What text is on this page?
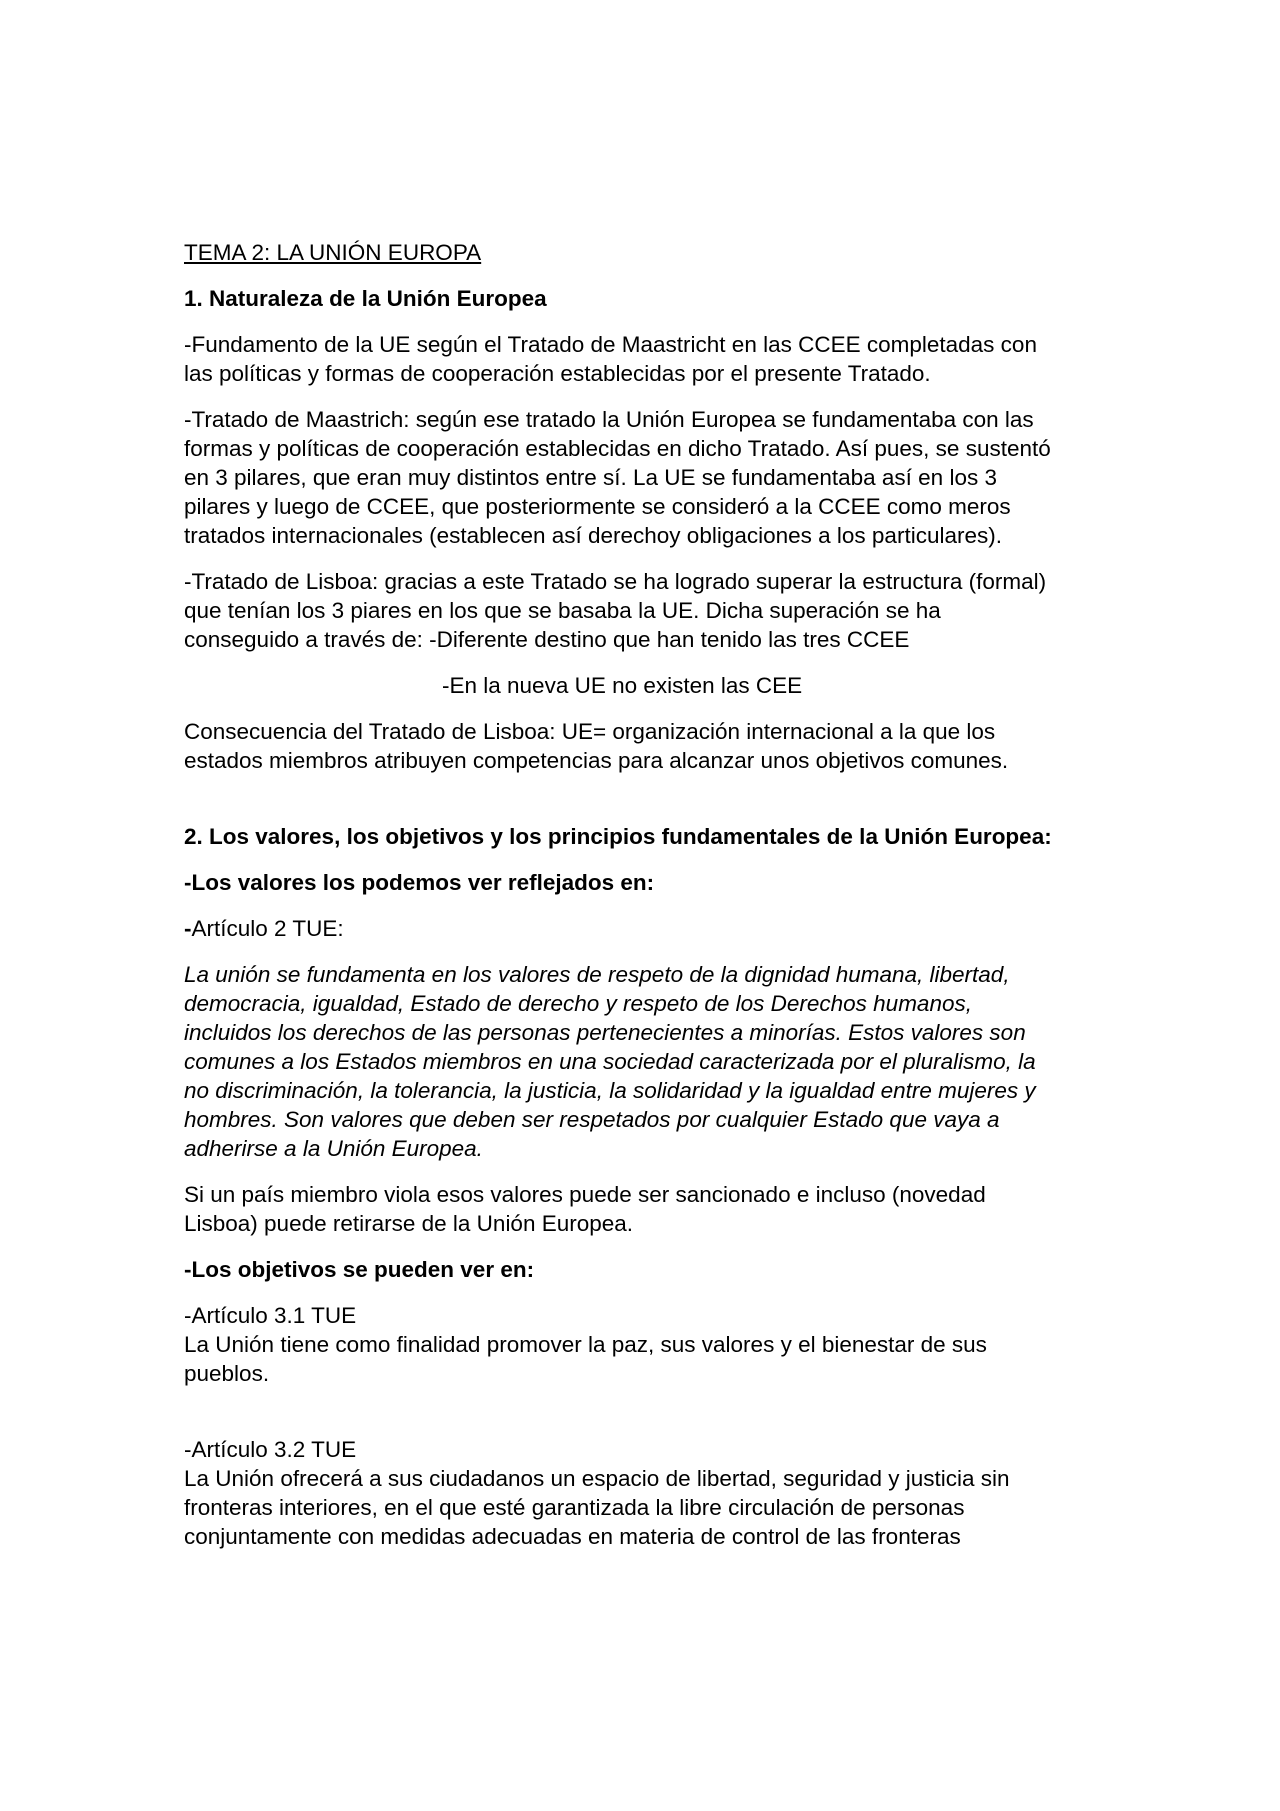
TEMA 2: LA UNIÓN EUROPA
1. Naturaleza de la Unión Europea
-Fundamento de la UE según el Tratado de Maastricht en las CCEE completadas con
las políticas y formas de cooperación establecidas por el presente Tratado.
-Tratado de Maastrich: según ese tratado la Unión Europea se fundamentaba con las
formas y políticas de cooperación establecidas en dicho Tratado. Así pues, se sustentó
en 3 pilares, que eran muy distintos entre sí. La UE se fundamentaba así en los 3
pilares y luego de CCEE, que posteriormente se consideró a la CCEE como meros
tratados internacionales (establecen así derechoy obligaciones a los particulares).
-Tratado de Lisboa: gracias a este Tratado se ha logrado superar la estructura (formal)
que tenían los 3 piares en los que se basaba la UE. Dicha superación se ha
conseguido a través de: -Diferente destino que han tenido las tres CCEE
-En la nueva UE no existen las CEE
Consecuencia del Tratado de Lisboa: UE= organización internacional a la que los
estados miembros atribuyen competencias para alcanzar unos objetivos comunes.
2. Los valores, los objetivos y los principios fundamentales de la Unión Europea:
-Los valores los podemos ver reflejados en:
-Artículo 2 TUE:
La unión se fundamenta en los valores de respeto de la dignidad humana, libertad,
democracia, igualdad, Estado de derecho y respeto de los Derechos humanos,
incluidos los derechos de las personas pertenecientes a minorías. Estos valores son
comunes a los Estados miembros en una sociedad caracterizada por el pluralismo, la
no discriminación, la tolerancia, la justicia, la solidaridad y la igualdad entre mujeres y
hombres. Son valores que deben ser respetados por cualquier Estado que vaya a
adherirse a la Unión Europea.
Si un país miembro viola esos valores puede ser sancionado e incluso (novedad
Lisboa) puede retirarse de la Unión Europea.
-Los objetivos se pueden ver en:
-Artículo 3.1 TUE
La Unión tiene como finalidad promover la paz, sus valores y el bienestar de sus
pueblos.
-Artículo 3.2 TUE
La Unión ofrecerá a sus ciudadanos un espacio de libertad, seguridad y justicia sin
fronteras interiores, en el que esté garantizada la libre circulación de personas
conjuntamente con medidas adecuadas en materia de control de las fronteras
